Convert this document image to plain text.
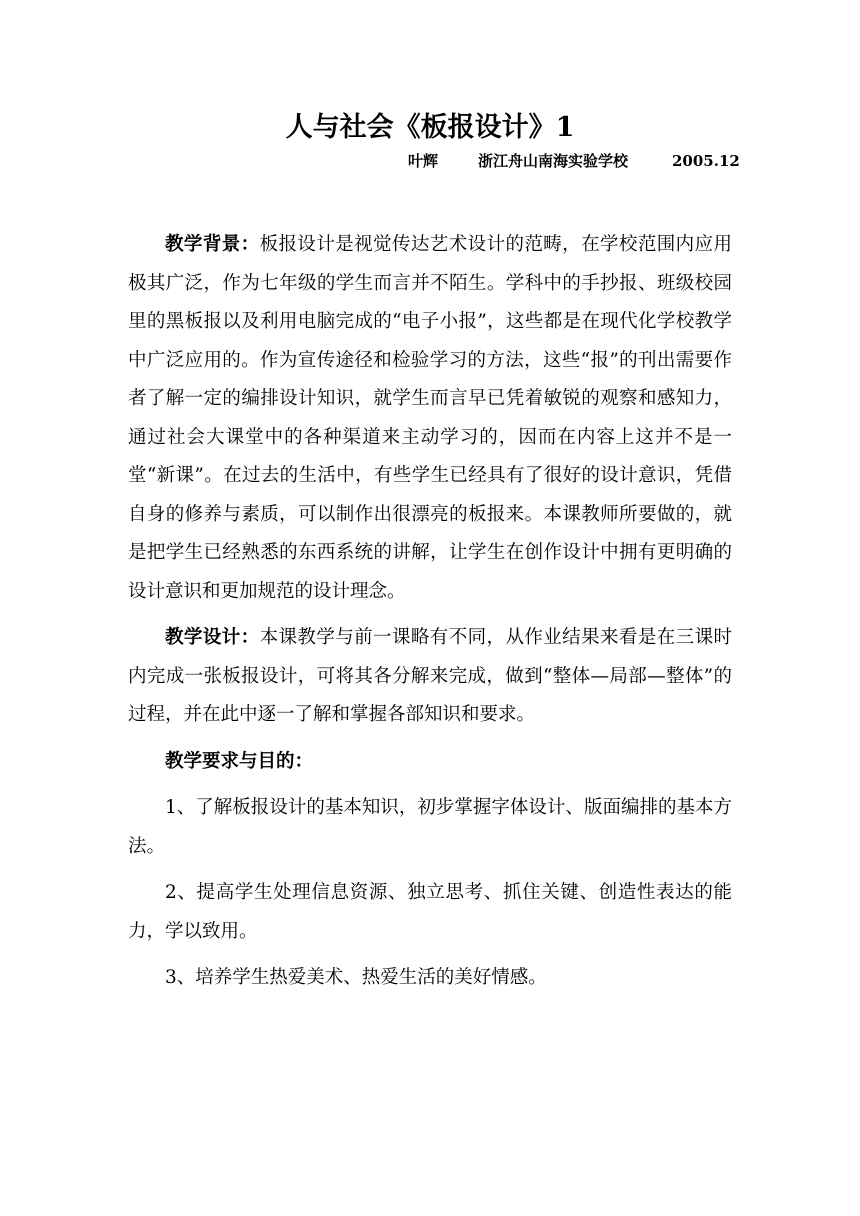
人与社会《板报设计》1
叶辉	浙江舟山南海实验学校	2005.12

教学背景：板报设计是视觉传达艺术设计的范畴，在学校范围内应用极其广泛，作为七年级的学生而言并不陌生。学科中的手抄报、班级校园里的黑板报以及利用电脑完成的“电子小报”，这些都是在现代化学校教学中广泛应用的。作为宣传途径和检验学习的方法，这些“报”的刊出需要作者了解一定的编排设计知识，就学生而言早已凭着敏锐的观察和感知力，通过社会大课堂中的各种渠道来主动学习的，因而在内容上这并不是一堂“新课”。在过去的生活中，有些学生已经具有了很好的设计意识，凭借自身的修养与素质，可以制作出很漂亮的板报来。本课教师所要做的，就是把学生已经熟悉的东西系统的讲解，让学生在创作设计中拥有更明确的设计意识和更加规范的设计理念。

教学设计：本课教学与前一课略有不同，从作业结果来看是在三课时内完成一张板报设计，可将其各分解来完成，做到“整体—局部—整体”的过程，并在此中逐一了解和掌握各部知识和要求。

教学要求与目的：

1、了解板报设计的基本知识，初步掌握字体设计、版面编排的基本方法。

2、提高学生处理信息资源、独立思考、抓住关键、创造性表达的能力，学以致用。

3、培养学生热爱美术、热爱生活的美好情感。
